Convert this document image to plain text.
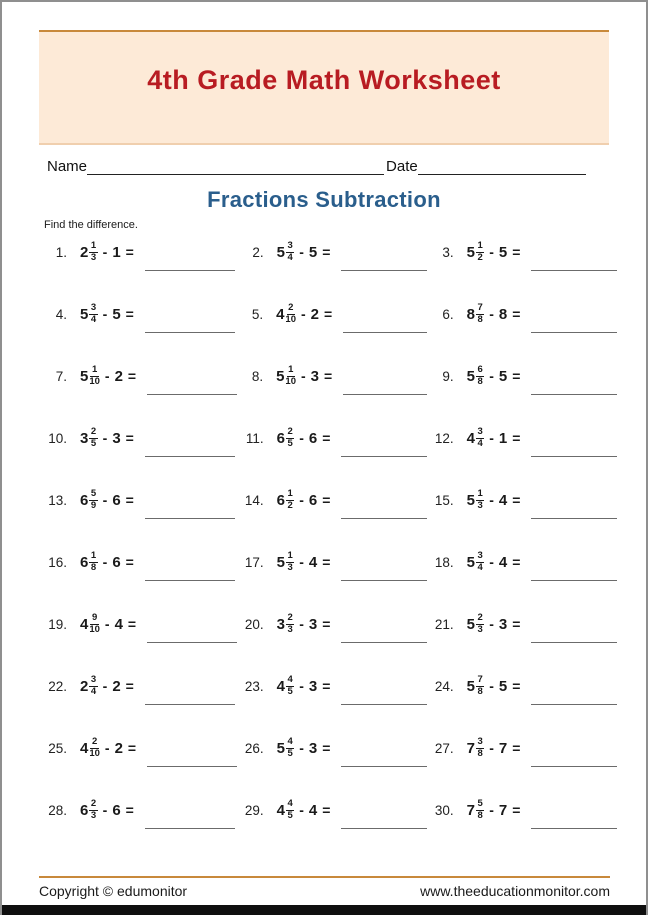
4th Grade Math Worksheet
Name	Date
Fractions Subtraction
Find the difference.
1. $2 \frac{1}{3} - 1$ =	2. $5 \frac{3}{4} - 5$ =	3. $5 \frac{1}{2} - 5$ =
4. $5 \frac{3}{4} - 5$ =	5. $4 \frac{2}{10} - 2$ =	6. $8 \frac{7}{8} - 8$ =
7. $5 \frac{1}{10} - 2$ =	8. $5 \frac{1}{10} - 3$ =	9. $5 \frac{6}{8} - 5$ =
10. $3 \frac{2}{5} - 3$ =	11. $6 \frac{2}{5} - 6$ =	12. $4 \frac{3}{4} - 1$ =
13. $6 \frac{5}{9} - 6$ =	14. $6 \frac{1}{2} - 6$ =	15. $5 \frac{1}{3} - 4$ =
16. $6 \frac{1}{8} - 6$ =	17. $5 \frac{1}{3} - 4$ =	18. $5 \frac{3}{4} - 4$ =
19. $4 \frac{9}{10} - 4$ =	20. $3 \frac{2}{3} - 3$ =	21. $5 \frac{2}{3} - 3$ =
22. $2 \frac{3}{4} - 2$ =	23. $4 \frac{4}{5} - 3$ =	24. $5 \frac{7}{8} - 5$ =
25. $4 \frac{2}{10} - 2$ =	26. $5 \frac{4}{5} - 3$ =	27. $7 \frac{3}{8} - 7$ =
28. $6 \frac{2}{3} - 6$ =	29. $4 \frac{4}{5} - 4$ =	30. $7 \frac{5}{8} - 7$ =
Copyright © edumonitor	www.theeducationmonitor.com
